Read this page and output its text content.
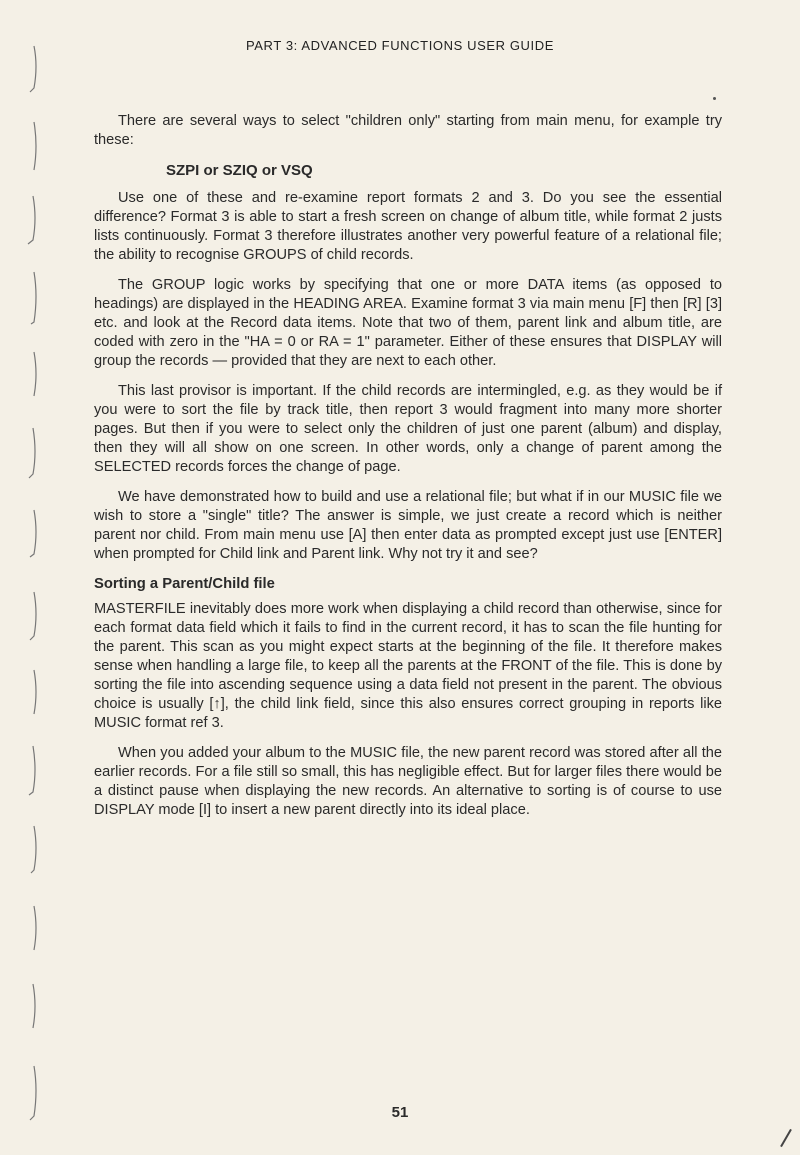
PART 3: ADVANCED FUNCTIONS USER GUIDE

There are several ways to select "children only" starting from main menu, for example try these:

SZPI or SZIQ or VSQ

Use one of these and re-examine report formats 2 and 3. Do you see the essential difference? Format 3 is able to start a fresh screen on change of album title, while format 2 justs lists continuously. Format 3 therefore illustrates another very powerful feature of a relational file; the ability to recognise GROUPS of child records.

The GROUP logic works by specifying that one or more DATA items (as opposed to headings) are displayed in the HEADING AREA. Examine format 3 via main menu [F] then [R] [3] etc. and look at the Record data items. Note that two of them, parent link and album title, are coded with zero in the "HA = 0 or RA = 1" parameter. Either of these ensures that DISPLAY will group the records — provided that they are next to each other.

This last provisor is important. If the child records are intermingled, e.g. as they would be if you were to sort the file by track title, then report 3 would fragment into many more shorter pages. But then if you were to select only the children of just one parent (album) and display, then they will all show on one screen. In other words, only a change of parent among the SELECTED records forces the change of page.

We have demonstrated how to build and use a relational file; but what if in our MUSIC file we wish to store a "single" title? The answer is simple, we just create a record which is neither parent nor child. From main menu use [A] then enter data as prompted except just use [ENTER] when prompted for Child link and Parent link. Why not try it and see?

Sorting a Parent/Child file

MASTERFILE inevitably does more work when displaying a child record than otherwise, since for each format data field which it fails to find in the current record, it has to scan the file hunting for the parent. This scan as you might expect starts at the beginning of the file. It therefore makes sense when handling a large file, to keep all the parents at the FRONT of the file. This is done by sorting the file into ascending sequence using a data field not present in the parent. The obvious choice is usually [↑], the child link field, since this also ensures correct grouping in reports like MUSIC format ref 3.

When you added your album to the MUSIC file, the new parent record was stored after all the earlier records. For a file still so small, this has negligible effect. But for larger files there would be a distinct pause when displaying the new records. An alternative to sorting is of course to use DISPLAY mode [I] to insert a new parent directly into its ideal place.

51
